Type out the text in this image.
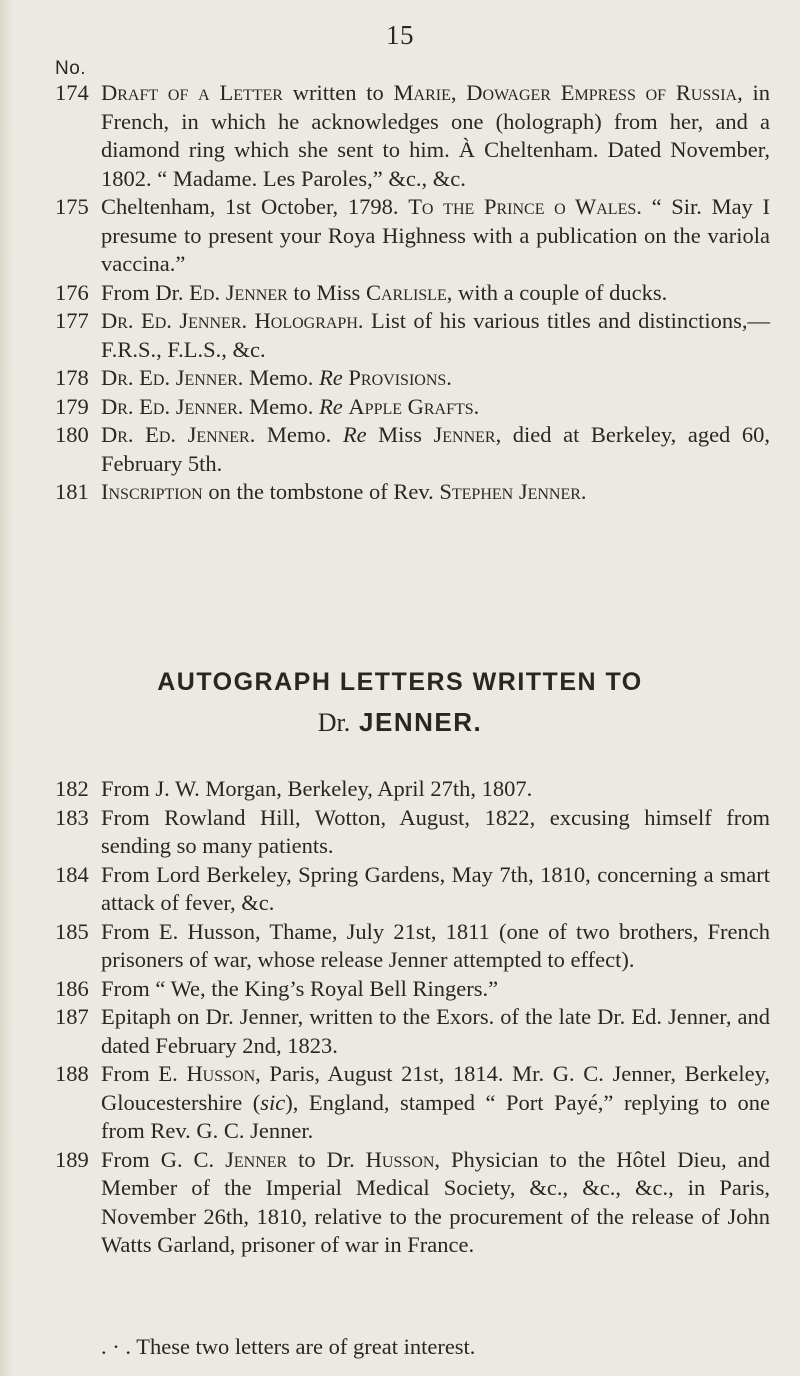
15
No.
174 Draft of a Letter written to Marie, Dowager Empress of Russia, in French, in which he acknowledges one (holograph) from her, and a diamond ring which she sent to him. À Cheltenham. Dated November, 1802. “ Madame. Les Paroles,” &c., &c.
175 Cheltenham, 1st October, 1798. To the Prince o Wales. “ Sir. May I presume to present your Roya Highness with a publication on the variola vaccina.”
176 From Dr. Ed. Jenner to Miss Carlisle, with a couple of ducks.
177 Dr. Ed. Jenner. Holograph. List of his various titles and distinctions,—F.R.S., F.L.S., &c.
178 Dr. Ed. Jenner. Memo. Re Provisions.
179 Dr. Ed. Jenner. Memo. Re Apple Grafts.
180 Dr. Ed. Jenner. Memo. Re Miss Jenner, died at Berkeley, aged 60, February 5th.
181 Inscription on the tombstone of Rev. Stephen Jenner.
AUTOGRAPH LETTERS WRITTEN TO
Dr. JENNER.
182 From J. W. Morgan, Berkeley, April 27th, 1807.
183 From Rowland Hill, Wotton, August, 1822, excusing himself from sending so many patients.
184 From Lord Berkeley, Spring Gardens, May 7th, 1810, concerning a smart attack of fever, &c.
185 From E. Husson, Thame, July 21st, 1811 (one of two brothers, French prisoners of war, whose release Jenner attempted to effect).
186 From “ We, the King’s Royal Bell Ringers.”
187 Epitaph on Dr. Jenner, written to the Exors. of the late Dr. Ed. Jenner, and dated February 2nd, 1823.
188 From E. Husson, Paris, August 21st, 1814. Mr. G. C. Jenner, Berkeley, Gloucestershire (sic), England, stamped “ Port Payé,” replying to one from Rev. G. C. Jenner.
189 From G. C. Jenner to Dr. Husson, Physician to the Hôtel Dieu, and Member of the Imperial Medical Society, &c., &c., &c., in Paris, November 26th, 1810, relative to the procurement of the release of John Watts Garland, prisoner of war in France.
. · . These two letters are of great interest.
